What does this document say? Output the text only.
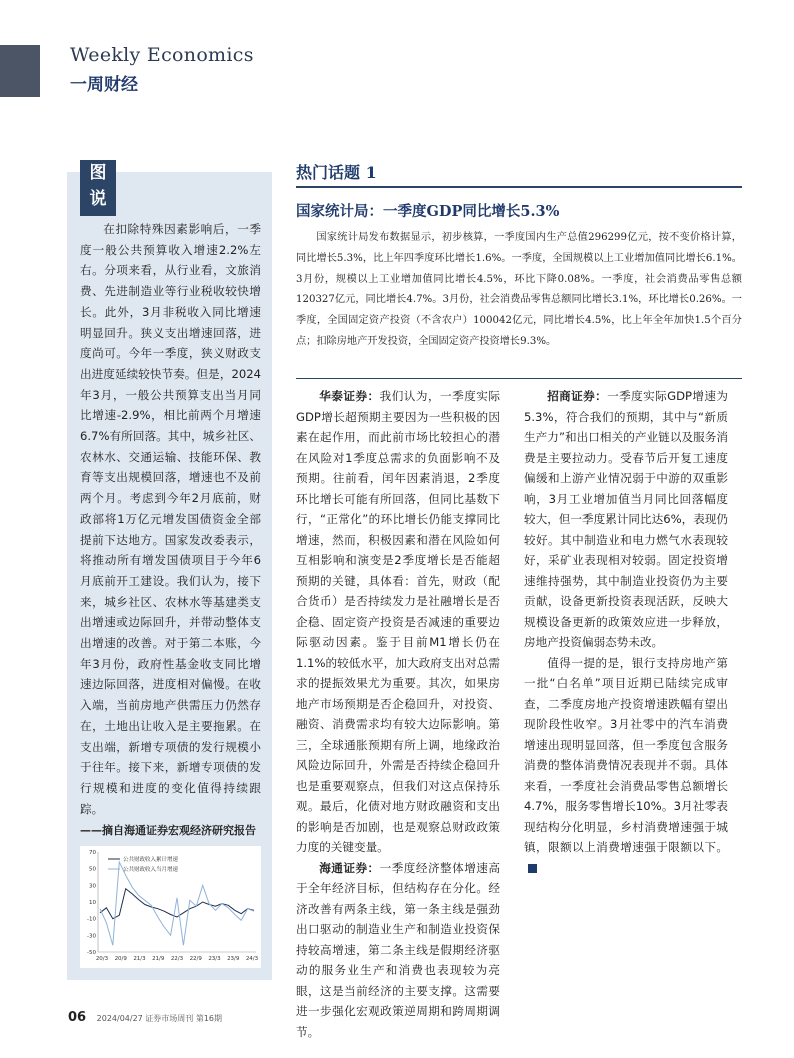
Weekly Economics
一周财经
图
说

在扣除特殊因素影响后，一季度一般公共预算收入增速2.2%左右。分项来看，从行业看，文旅消费、先进制造业等行业税收较快增长。此外，3月非税收入同比增速明显回升。狭义支出增速回落，进度尚可。今年一季度，狭义财政支出进度延续较快节奏。但是，2024年3月，一般公共预算支出当月同比增速-2.9%，相比前两个月增速6.7%有所回落。其中，城乡社区、农林水、交通运输、技能环保、教育等支出规模回落，增速也不及前两个月。考虑到今年2月底前，财政部将1万亿元增发国债资金全部提前下达地方。国家发改委表示，将推动所有增发国债项目于今年6月底前开工建设。我们认为，接下来，城乡社区、农林水等基建类支出增速或边际回升，并带动整体支出增速的改善。对于第二本账，今年3月份，政府性基金收支同比增速边际回落，进度相对偏慢。在收入端，当前房地产供需压力仍然存在，土地出让收入是主要拖累。在支出端，新增专项债的发行规模小于往年。接下来，新增专项债的发行规模和进度的变化值得持续跟踪。

——摘自海通证券宏观经济研究报告

70
50
30
10
-10
-30
-50
20/3 20/9 21/3 21/9 22/3 22/9 23/3 23/9 24/3
公共财政收入累计增速
公共财政收入当月增速
热门话题 1
国家统计局：一季度GDP同比增长5.3%

国家统计局发布数据显示，初步核算，一季度国内生产总值296299亿元，按不变价格计算，同比增长5.3%，比上年四季度环比增长1.6%。一季度，全国规模以上工业增加值同比增长6.1%。3月份，规模以上工业增加值同比增长4.5%，环比下降0.08%。一季度，社会消费品零售总额120327亿元，同比增长4.7%。3月份，社会消费品零售总额同比增长3.1%，环比增长0.26%。一季度，全国固定资产投资（不含农户）100042亿元，同比增长4.5%，比上年全年加快1.5个百分点；扣除房地产开发投资，全国固定资产投资增长9.3%。

华泰证券：我们认为，一季度实际GDP增长超预期主要因为一些积极的因素在起作用，而此前市场比较担心的潜在风险对1季度总需求的负面影响不及预期。往前看，闰年因素消退，2季度环比增长可能有所回落，但同比基数下行，“正常化”的环比增长仍能支撑同比增速，然而，积极因素和潜在风险如何互相影响和演变是2季度增长是否能超预期的关键，具体看：首先，财政（配合货币）是否持续发力是社融增长是否企稳、固定资产投资是否减速的重要边际驱动因素。鉴于目前M1增长仍在1.1%的较低水平，加大政府支出对总需求的提振效果尤为重要。其次，如果房地产市场预期是否企稳回升，对投资、融资、消费需求均有较大边际影响。第三，全球通胀预期有所上调，地缘政治风险边际回升，外需是否持续企稳回升也是重要观察点，但我们对这点保持乐观。最后，化债对地方财政融资和支出的影响是否加剧，也是观察总财政政策力度的关键变量。

海通证券：一季度经济整体增速高于全年经济目标，但结构存在分化。经济改善有两条主线，第一条主线是强劲出口驱动的制造业生产和制造业投资保持较高增速，第二条主线是假期经济驱动的服务业生产和消费也表现较为亮眼，这是当前经济的主要支撑。这需要进一步强化宏观政策逆周期和跨周期调节。

招商证券：一季度实际GDP增速为5.3%，符合我们的预期，其中与“新质生产力”和出口相关的产业链以及服务消费是主要拉动力。受春节后开复工速度偏缓和上游产业情况弱于中游的双重影响，3月工业增加值当月同比回落幅度较大，但一季度累计同比达6%，表现仍较好。其中制造业和电力燃气水表现较好，采矿业表现相对较弱。固定投资增速维持强势，其中制造业投资仍为主要贡献，设备更新投资表现活跃，反映大规模设备更新的政策效应进一步释放，房地产投资偏弱态势未改。

值得一提的是，银行支持房地产第一批“白名单”项目近期已陆续完成审查，二季度房地产投资增速跌幅有望出现阶段性收窄。3月社零中的汽车消费增速出现明显回落，但一季度包含服务消费的整体消费情况表现并不弱。具体来看，一季度社会消费品零售总额增长4.7%，服务零售增长10%。3月社零表现结构分化明显，乡村消费增速强于城镇，限额以上消费增速强于限额以下。

06 2024/04/27 证券市场周刊 第16期
